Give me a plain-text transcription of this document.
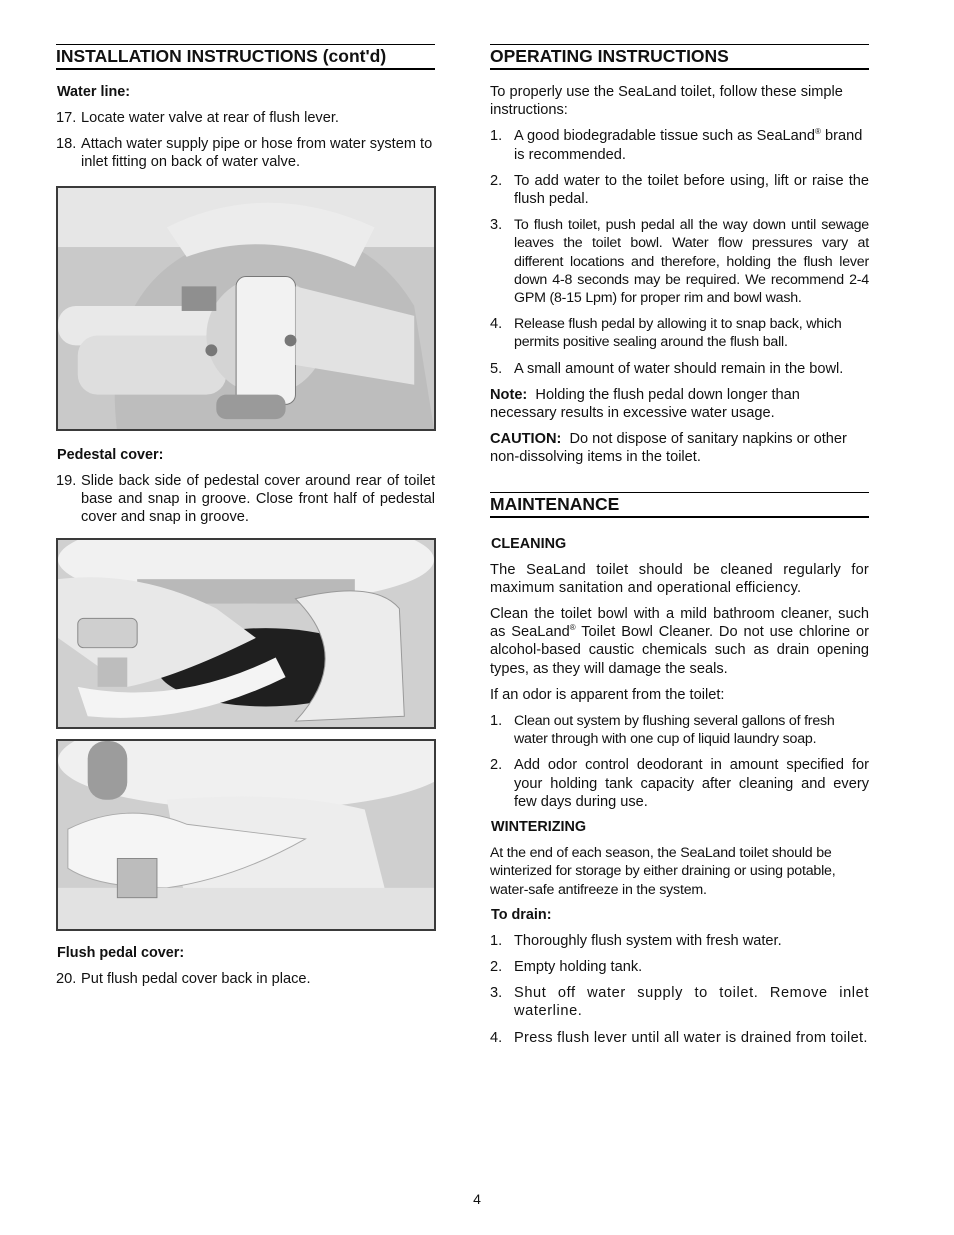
INSTALLATION INSTRUCTIONS (cont'd)
Water line:
17. Locate water valve at rear of flush lever.
18. Attach water supply pipe or hose from water system to inlet fitting on back of water valve.
Pedestal cover:
19. Slide back side of pedestal cover around rear of toilet base and snap in groove. Close front half of pedestal cover and snap in groove.
Flush pedal cover:
20. Put flush pedal cover back in place.
OPERATING INSTRUCTIONS

To properly use the SeaLand toilet, follow these simple instructions:

1. A good biodegradable tissue such as SeaLand® brand is recommended.
2. To add water to the toilet before using, lift or raise the flush pedal.
3. To flush toilet, push pedal all the way down until sewage leaves the toilet bowl. Water flow pressures vary at different locations and therefore, holding the flush lever down 4-8 seconds may be required. We recommend 2-4 GPM (8-15 Lpm) for proper rim and bowl wash.
4. Release flush pedal by allowing it to snap back, which permits positive sealing around the flush ball.
5. A small amount of water should remain in the bowl.

Note: Holding the flush pedal down longer than necessary results in excessive water usage.

CAUTION: Do not dispose of sanitary napkins or other non-dissolving items in the toilet.

MAINTENANCE
CLEANING

The SeaLand toilet should be cleaned regularly for maximum sanitation and operational efficiency.

Clean the toilet bowl with a mild bathroom cleaner, such as SeaLand® Toilet Bowl Cleaner. Do not use chlorine or alcohol-based caustic chemicals such as drain opening types, as they will damage the seals.

If an odor is apparent from the toilet:

1. Clean out system by flushing several gallons of fresh water through with one cup of liquid laundry soap.
2. Add odor control deodorant in amount specified for your holding tank capacity after cleaning and every few days during use.
WINTERIZING

At the end of each season, the SeaLand toilet should be winterized for storage by either draining or using potable, water-safe antifreeze in the system.

To drain:
1. Thoroughly flush system with fresh water.
2. Empty holding tank.
3. Shut off water supply to toilet. Remove inlet waterline.
4. Press flush lever until all water is drained from toilet.
4
